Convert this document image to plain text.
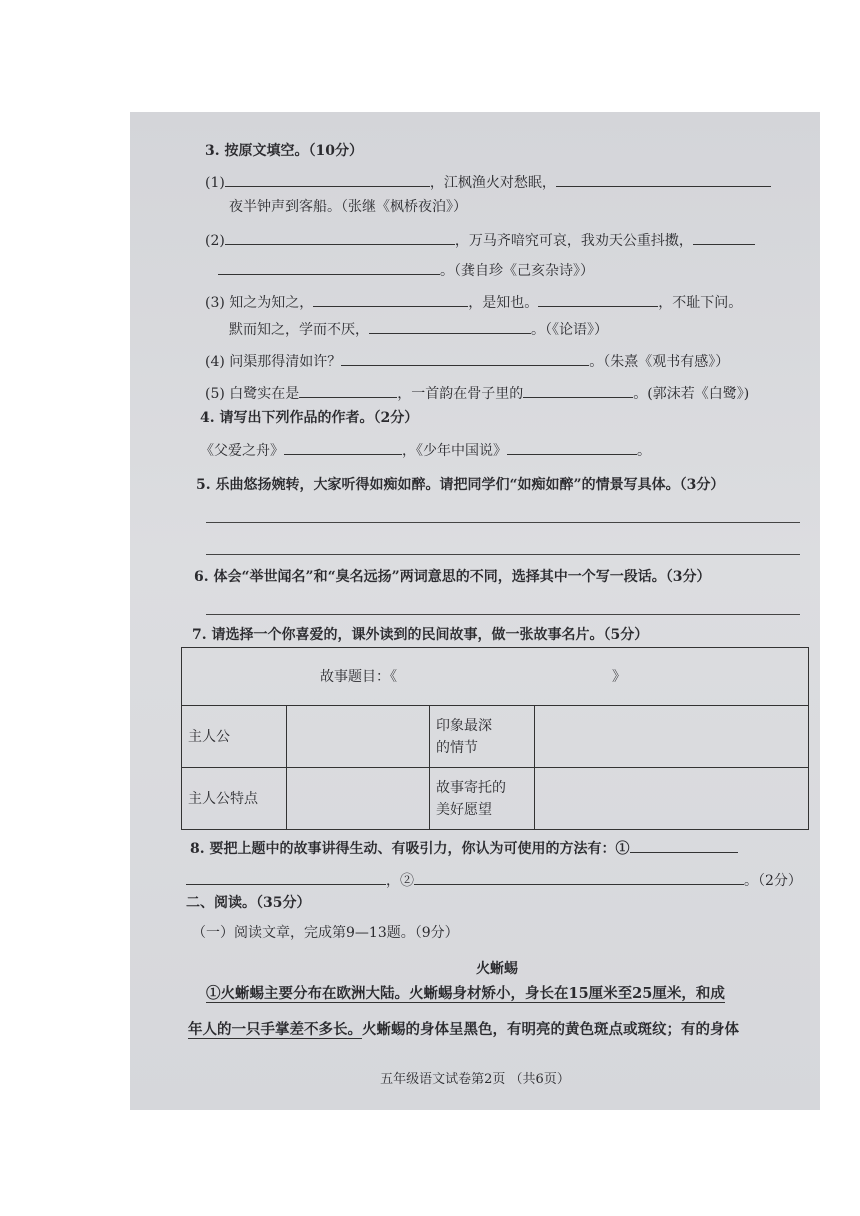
3. 按原文填空。（10分）
(1)	，江枫渔火对愁眠，
夜半钟声到客船。（张继《枫桥夜泊》）
(2)	，万马齐喑究可哀，我劝天公重抖擞，
。（龚自珍《己亥杂诗》）
(3) 知之为知之，	，是知也。	，不耻下问。
默而知之，学而不厌，	。（《论语》）
(4) 问渠那得清如许？	。（朱熹《观书有感》）
(5) 白鹭实在是	，一首韵在骨子里的	。(郭沫若《白鹭》)
4. 请写出下列作品的作者。（2分）
《父爱之舟》	，《少年中国说》	。
5. 乐曲悠扬婉转，大家听得如痴如醉。请把同学们“如痴如醉”的情景写具体。（3分）
6. 体会“举世闻名”和“臭名远扬”两词意思的不同，选择其中一个写一段话。（3分）
7. 请选择一个你喜爱的，课外读到的民间故事，做一张故事名片。（5分）
故事题目：《 》			
主人公		印象最深
的情节	
主人公特点		故事寄托的
美好愿望	
8. 要把上题中的故事讲得生动、有吸引力，你认为可使用的方法有：①
，②	。（2分）
二、阅读。（35分）
（一）阅读文章，完成第9—13题。（9分）
火蜥蜴
①火蜥蜴主要分布在欧洲大陆。火蜥蜴身材矫小，身长在15厘米至25厘米，和成
年人的一只手掌差不多长。火蜥蜴的身体呈黑色，有明亮的黄色斑点或斑纹；有的身体
五年级语文试卷第2页 （共6页）
